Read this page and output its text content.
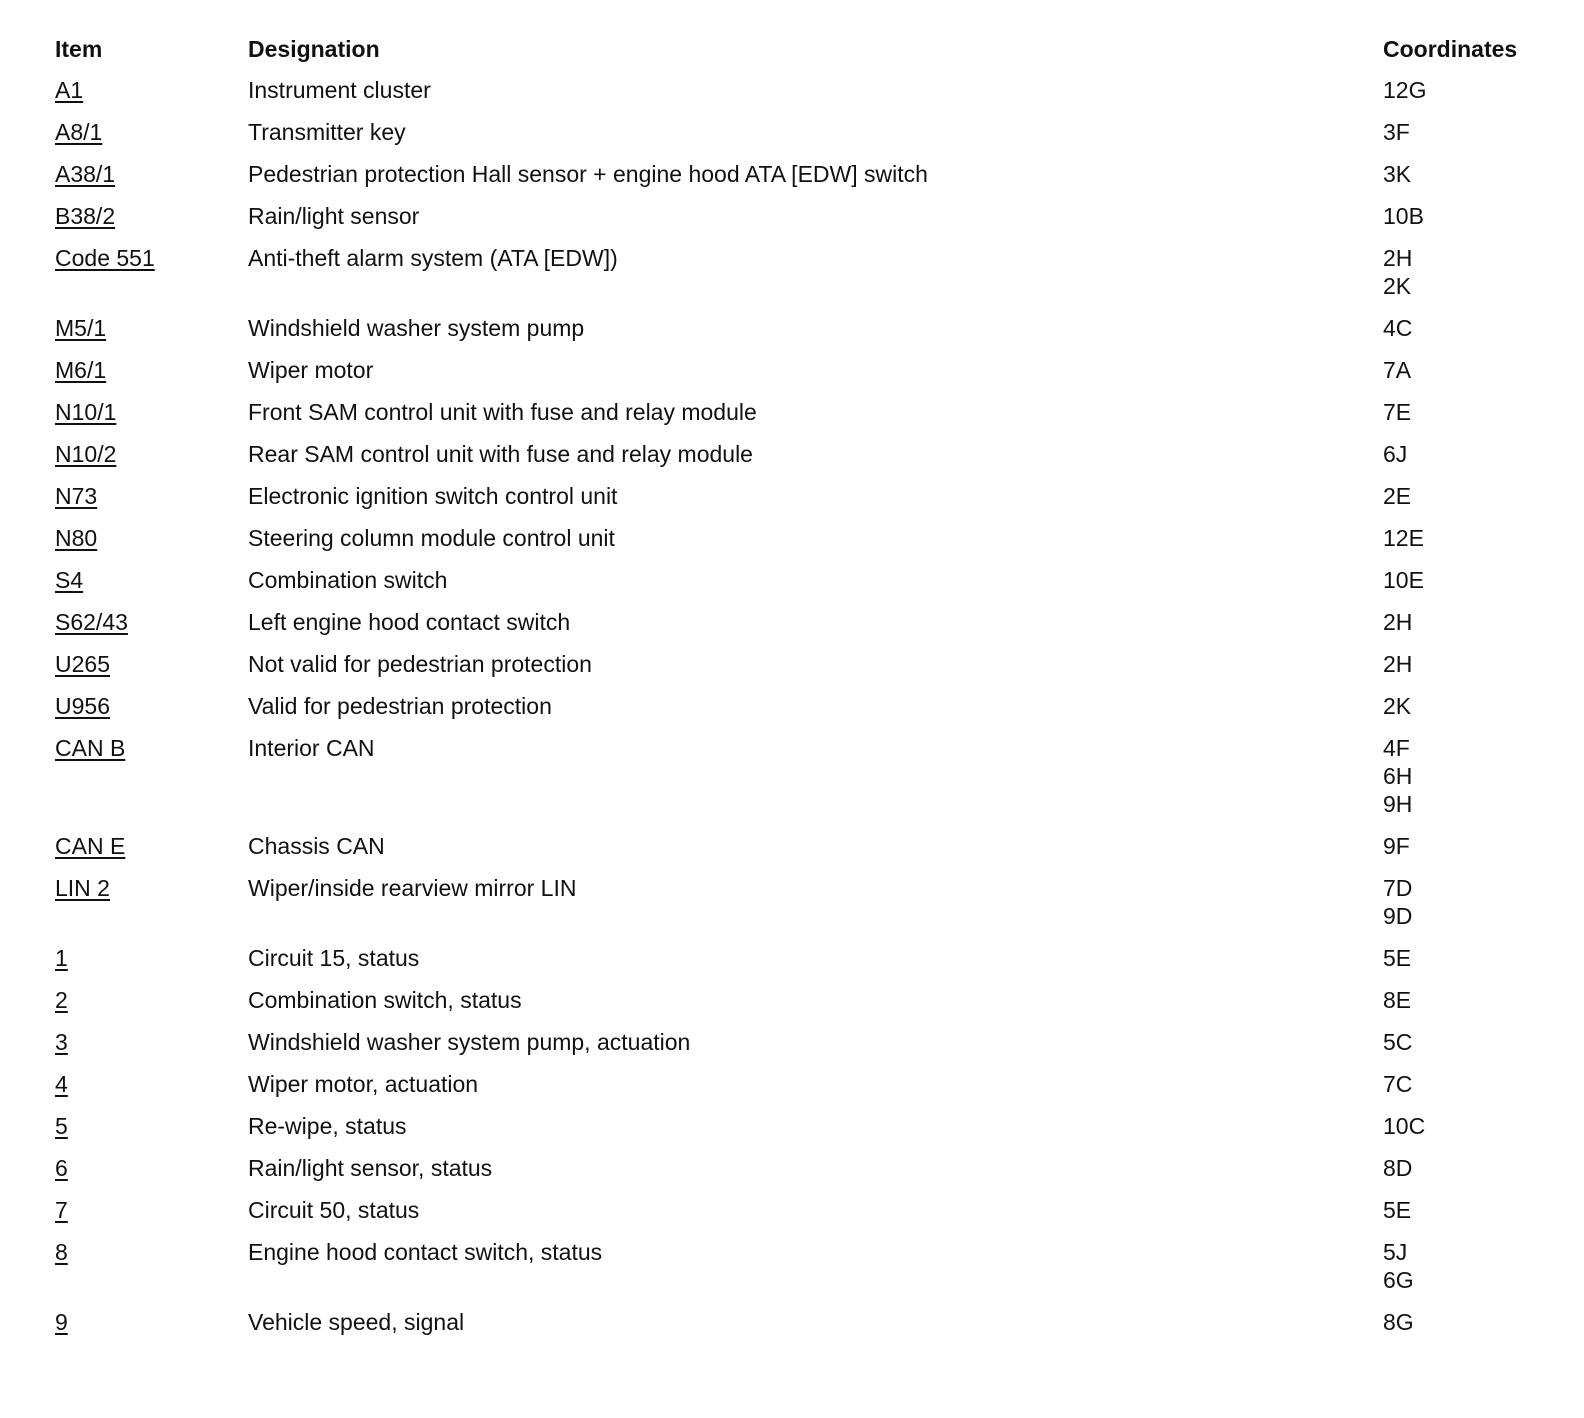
Item	Designation	Coordinates
A1	Instrument cluster	12G
A8/1	Transmitter key	3F
A38/1	Pedestrian protection Hall sensor + engine hood ATA [EDW] switch	3K
B38/2	Rain/light sensor	10B
Code 551	Anti-theft alarm system (ATA [EDW])	2H
2K
M5/1	Windshield washer system pump	4C
M6/1	Wiper motor	7A
N10/1	Front SAM control unit with fuse and relay module	7E
N10/2	Rear SAM control unit with fuse and relay module	6J
N73	Electronic ignition switch control unit	2E
N80	Steering column module control unit	12E
S4	Combination switch	10E
S62/43	Left engine hood contact switch	2H
U265	Not valid for pedestrian protection	2H
U956	Valid for pedestrian protection	2K
CAN B	Interior CAN	4F
6H
9H
CAN E	Chassis CAN	9F
LIN 2	Wiper/inside rearview mirror LIN	7D
9D
1	Circuit 15, status	5E
2	Combination switch, status	8E
3	Windshield washer system pump, actuation	5C
4	Wiper motor, actuation	7C
5	Re-wipe, status	10C
6	Rain/light sensor, status	8D
7	Circuit 50, status	5E
8	Engine hood contact switch, status	5J
6G
9	Vehicle speed, signal	8G
